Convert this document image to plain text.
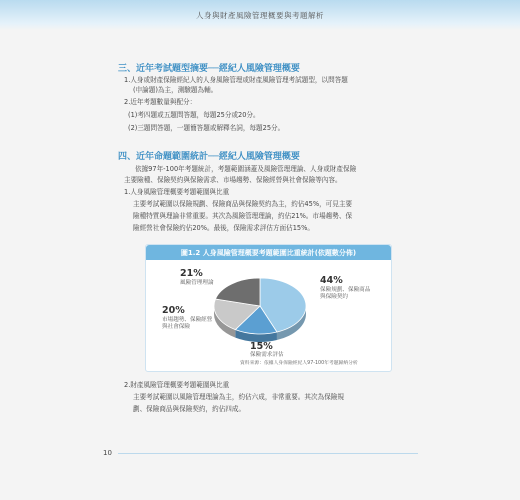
人身與財產風險管理概要與考題解析
三、近年考試題型摘要──經紀人風險管理概要
1.人身或財產保險經紀人的人身風險管理或財產風險管理考試題型，以問答題
(申論題)為主，測驗題為輔。
2.近年考題數量與配分：
(1)考四題或五題問答題，每題25分或20分。
(2)三題問答題，一題簡答題或解釋名詞，每題25分。
四、近年命題範圍統計──經紀人風險管理概要
依據97年-100年考題統計，考題範圍涵蓋及風險管理理論、人身或財產保險
主要險種、保險契約與保險需求、市場趨勢、保險經營與社會保險等內容。
1.人身風險管理概要考題範圍與比重
主要考試範圍以保險規劃、保險商品與保險契約為主，約佔45%，可見主要
險種特質與理論非常重要。其次為風險管理理論，約佔21%。市場趨勢、保
險經營社會保險約佔20%。最後，保險需求評估方面佔15%。
圖1.2 人身風險管理概要考題範圍比重統計(依題數分佈)
21%
風險管理理論	44%
保險規劃、保險商品
與保險契約
20%
市場趨勢、保險經營
與社會保險
15%
保險需求評估
資料來源：依據人身保險經紀人97-100年考題歸納分析
2.財產風險管理概要考題範圍與比重
主要考試範圍以風險管理理論為主，約佔六成，非常重要。其次為保險規
劃、保險商品與保險契約，約佔四成。
10
